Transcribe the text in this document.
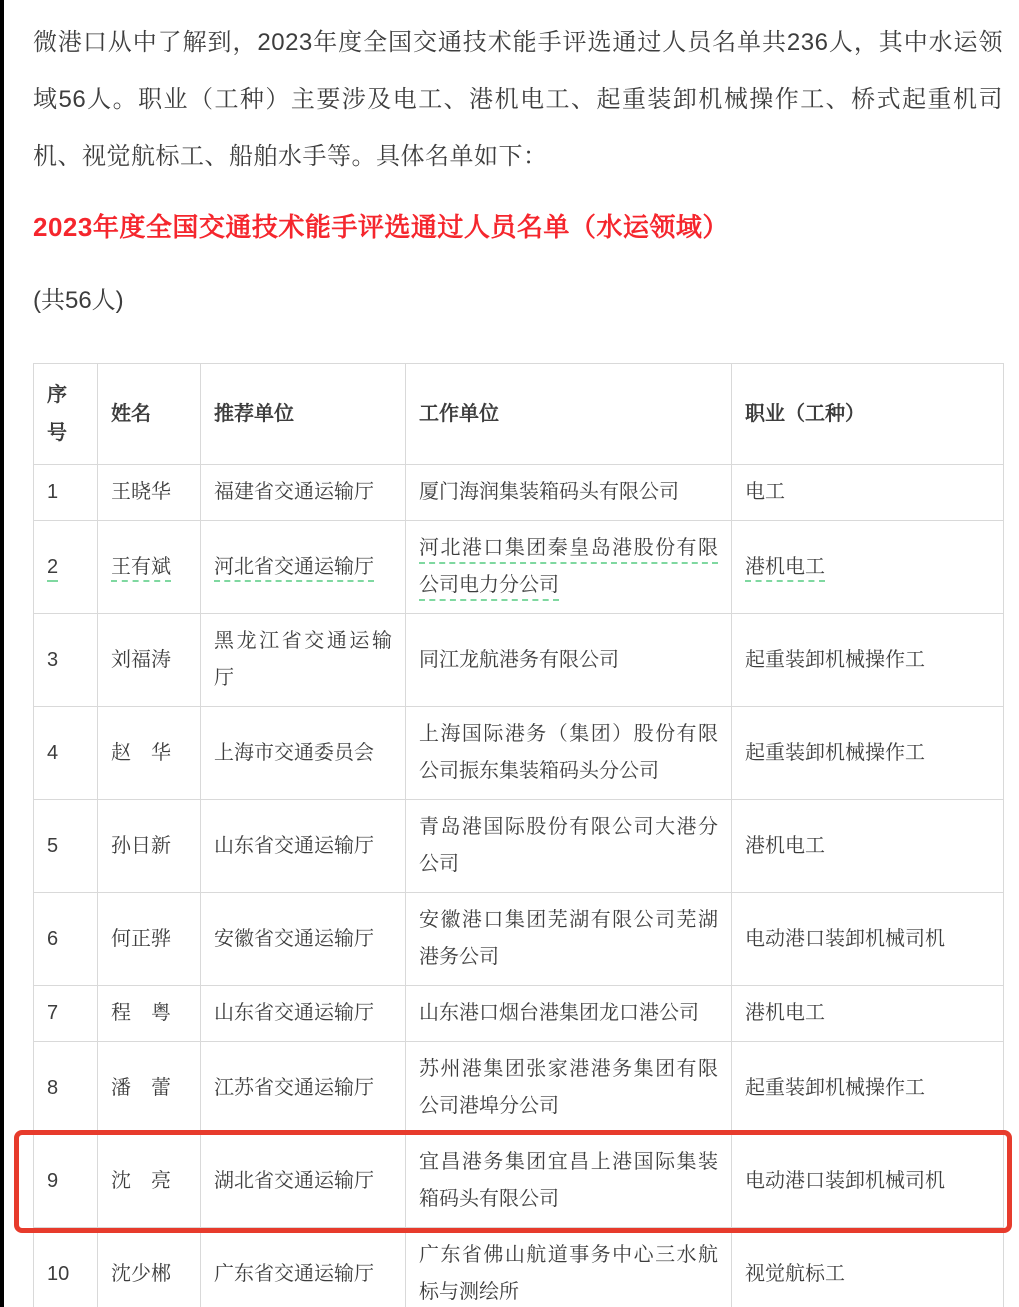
微港口从中了解到，2023年度全国交通技术能手评选通过人员名单共236人，其中水运领域56人。职业（工种）主要涉及电工、港机电工、起重装卸机械操作工、桥式起重机司机、视觉航标工、船舶水手等。具体名单如下：

2023年度全国交通技术能手评选通过人员名单（水运领域）

(共56人)

序号	姓名	推荐单位	工作单位	职业（工种）
1	王晓华	福建省交通运输厅	厦门海润集装箱码头有限公司	电工
2	王有斌	河北省交通运输厅	河北港口集团秦皇岛港股份有限公司电力分公司	港机电工
3	刘福涛	黑龙江省交通运输厅	同江龙航港务有限公司	起重装卸机械操作工
4	赵　华	上海市交通委员会	上海国际港务（集团）股份有限公司振东集装箱码头分公司	起重装卸机械操作工
5	孙日新	山东省交通运输厅	青岛港国际股份有限公司大港分公司	港机电工
6	何正骅	安徽省交通运输厅	安徽港口集团芜湖有限公司芜湖港务公司	电动港口装卸机械司机
7	程　粤	山东省交通运输厅	山东港口烟台港集团龙口港公司	港机电工
8	潘　蕾	江苏省交通运输厅	苏州港集团张家港港务集团有限公司港埠分公司	起重装卸机械操作工
9	沈　亮	湖北省交通运输厅	宜昌港务集团宜昌上港国际集装箱码头有限公司	电动港口装卸机械司机
10	沈少郴	广东省交通运输厅	广东省佛山航道事务中心三水航标与测绘所	视觉航标工
